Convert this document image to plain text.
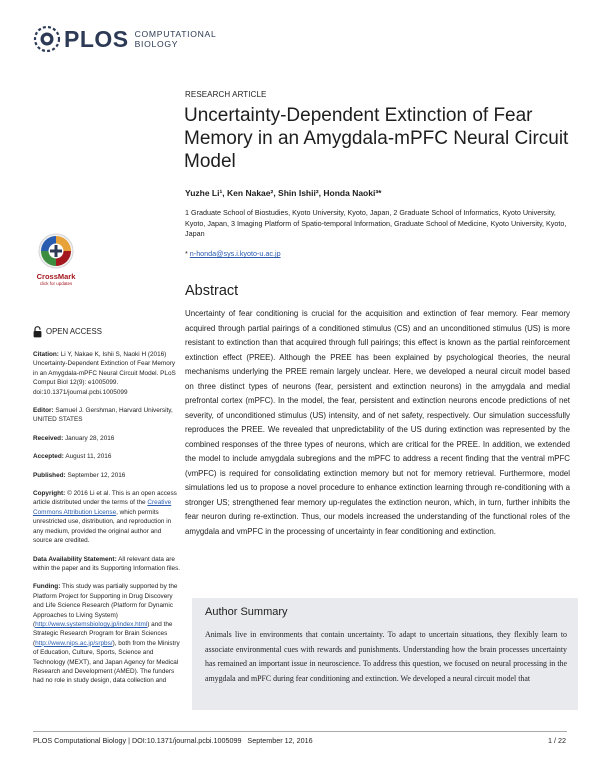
PLOS COMPUTATIONAL
BIOLOGY
RESEARCH ARTICLE
Uncertainty-Dependent Extinction of Fear Memory in an Amygdala-mPFC Neural Circuit Model
Yuzhe Li¹, Ken Nakae², Shin Ishii², Honda Naoki³*
1 Graduate School of Biostudies, Kyoto University, Kyoto, Japan, 2 Graduate School of Informatics, Kyoto University, Kyoto, Japan, 3 Imaging Platform of Spatio-temporal Information, Graduate School of Medicine, Kyoto University, Kyoto, Japan
* n-honda@sys.i.kyoto-u.ac.jp
CrossMark
click for updates
OPEN ACCESS

Citation: Li Y, Nakae K, Ishii S, Naoki H (2016) Uncertainty-Dependent Extinction of Fear Memory in an Amygdala-mPFC Neural Circuit Model. PLoS Comput Biol 12(9): e1005099. doi:10.1371/journal.pcbi.1005099

Editor: Samuel J. Gershman, Harvard University, UNITED STATES

Received: January 28, 2016

Accepted: August 11, 2016

Published: September 12, 2016

Copyright: © 2016 Li et al. This is an open access article distributed under the terms of the Creative Commons Attribution License, which permits unrestricted use, distribution, and reproduction in any medium, provided the original author and source are credited.

Data Availability Statement: All relevant data are within the paper and its Supporting Information files.

Funding: This study was partially supported by the Platform Project for Supporting in Drug Discovery and Life Science Research (Platform for Dynamic Approaches to Living System) (http://www.systemsbiology.jp/index.html) and the Strategic Research Program for Brain Sciences (http://www.nips.ac.jp/srpbs/), both from the Ministry of Education, Culture, Sports, Science and Technology (MEXT), and Japan Agency for Medical Research and Development (AMED). The funders had no role in study design, data collection and

Abstract
Uncertainty of fear conditioning is crucial for the acquisition and extinction of fear memory. Fear memory acquired through partial pairings of a conditioned stimulus (CS) and an unconditioned stimulus (US) is more resistant to extinction than that acquired through full pairings; this effect is known as the partial reinforcement extinction effect (PREE). Although the PREE has been explained by psychological theories, the neural mechanisms underlying the PREE remain largely unclear. Here, we developed a neural circuit model based on three distinct types of neurons (fear, persistent and extinction neurons) in the amygdala and medial prefrontal cortex (mPFC). In the model, the fear, persistent and extinction neurons encode predictions of net severity, of unconditioned stimulus (US) intensity, and of net safety, respectively. Our simulation successfully reproduces the PREE. We revealed that unpredictability of the US during extinction was represented by the combined responses of the three types of neurons, which are critical for the PREE. In addition, we extended the model to include amygdala subregions and the mPFC to address a recent finding that the ventral mPFC (vmPFC) is required for consolidating extinction memory but not for memory retrieval. Furthermore, model simulations led us to propose a novel procedure to enhance extinction learning through re-conditioning with a stronger US; strengthened fear memory up-regulates the extinction neuron, which, in turn, further inhibits the fear neuron during re-extinction. Thus, our models increased the understanding of the functional roles of the amygdala and vmPFC in the processing of uncertainty in fear conditioning and extinction.
Author Summary
Animals live in environments that contain uncertainty. To adapt to uncertain situations, they flexibly learn to associate environmental cues with rewards and punishments. Understanding how the brain processes uncertainty has remained an important issue in neuroscience. To address this question, we focused on neural processing in the amygdala and mPFC during fear conditioning and extinction. We developed a neural circuit model that
PLOS Computational Biology | DOI:10.1371/journal.pcbi.1005099   September 12, 2016	1 / 22
